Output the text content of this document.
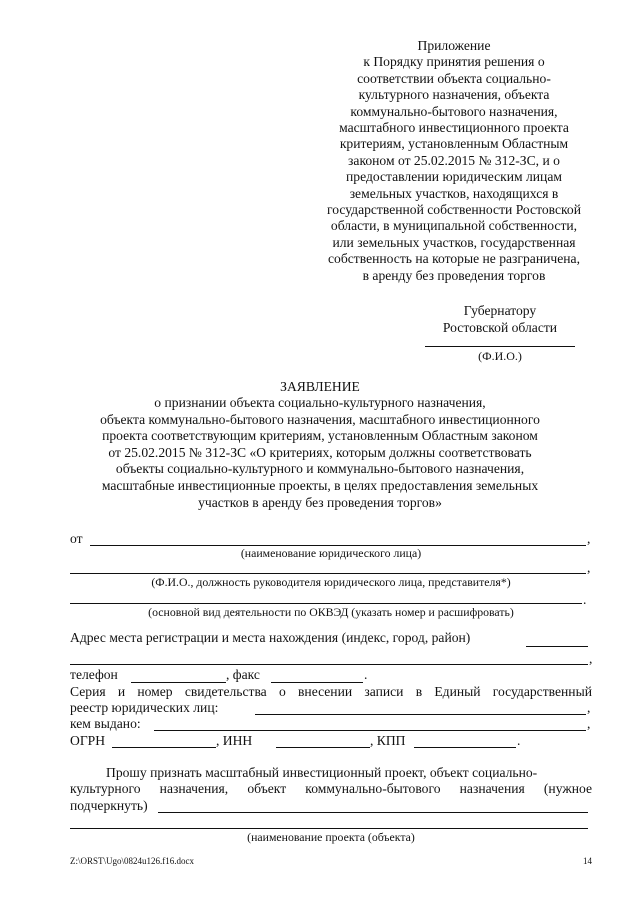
Приложение
к Порядку принятия решения о
соответствии объекта социально-
культурного назначения, объекта
коммунально-бытового назначения,
масштабного инвестиционного проекта
критериям, установленным Областным
законом от 25.02.2015 № 312-ЗС, и о
предоставлении юридическим лицам
земельных участков, находящихся в
государственной собственности Ростовской
области, в муниципальной собственности,
или земельных участков, государственная
собственность на которые не разграничена,
в аренду без проведения торгов
Губернатору
Ростовской области
(Ф.И.О.)
ЗАЯВЛЕНИЕ
о признании объекта социально-культурного назначения,
объекта коммунально-бытового назначения, масштабного инвестиционного
проекта соответствующим критериям, установленным Областным законом
от 25.02.2015 № 312-ЗС «О критериях, которым должны соответствовать
объекты социально-культурного и коммунально-бытового назначения,
масштабные инвестиционные проекты, в целях предоставления земельных
участков в аренду без проведения торгов»
от	,
(наименование юридического лица)
,
(Ф.И.О., должность руководителя юридического лица, представителя*)
.
(основной вид деятельности по ОКВЭД (указать номер и расшифровать)
Адрес места регистрации и места нахождения (индекс, город, район)
,
телефон	, факс	.
Серия и номер свидетельства о внесении записи в Единый государственный
реестр юридических лиц:	,
кем выдано:	,
ОГРН	, ИНН	, КПП	.
Прошу признать масштабный инвестиционный проект, объект социально-
культурного назначения, объект коммунально-бытового назначения (нужное
подчеркнуть)
(наименование проекта (объекта)
Z:\ORST\Ugo\0824u126.f16.docx	14
